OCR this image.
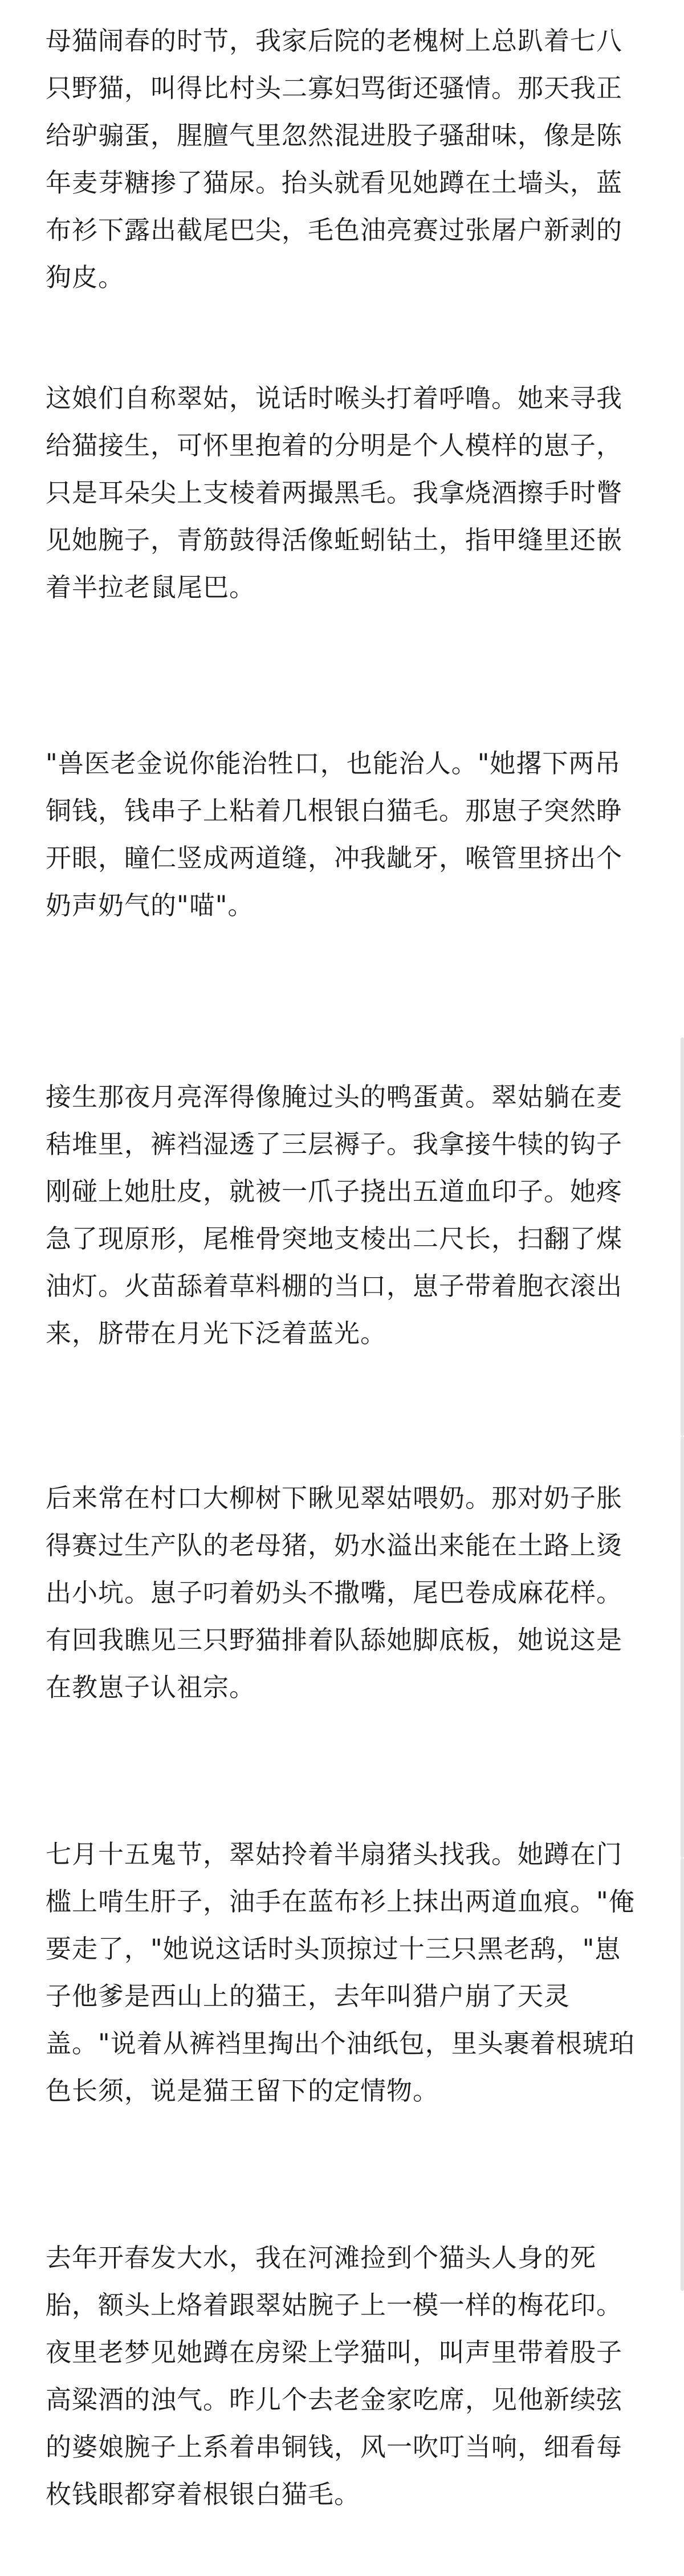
母猫闹春的时节，我家后院的老槐树上总趴着七八只野猫，叫得比村头二寡妇骂街还骚情。那天我正给驴骟蛋，腥膻气里忽然混进股子骚甜味，像是陈年麦芽糖掺了猫尿。抬头就看见她蹲在土墙头，蓝布衫下露出截尾巴尖，毛色油亮赛过张屠户新剥的狗皮。

这娘们自称翠姑，说话时喉头打着呼噜。她来寻我给猫接生，可怀里抱着的分明是个人模样的崽子，只是耳朵尖上支棱着两撮黑毛。我拿烧酒擦手时瞥见她腕子，青筋鼓得活像蚯蚓钻土，指甲缝里还嵌着半拉老鼠尾巴。

"兽医老金说你能治牲口，也能治人。"她撂下两吊铜钱，钱串子上粘着几根银白猫毛。那崽子突然睁开眼，瞳仁竖成两道缝，冲我龇牙，喉管里挤出个奶声奶气的"喵"。

接生那夜月亮浑得像腌过头的鸭蛋黄。翠姑躺在麦秸堆里，裤裆湿透了三层褥子。我拿接牛犊的钩子刚碰上她肚皮，就被一爪子挠出五道血印子。她疼急了现原形，尾椎骨突地支棱出二尺长，扫翻了煤油灯。火苗舔着草料棚的当口，崽子带着胞衣滚出来，脐带在月光下泛着蓝光。

后来常在村口大柳树下瞅见翠姑喂奶。那对奶子胀得赛过生产队的老母猪，奶水溢出来能在土路上烫出小坑。崽子叼着奶头不撒嘴，尾巴卷成麻花样。有回我瞧见三只野猫排着队舔她脚底板，她说这是在教崽子认祖宗。

七月十五鬼节，翠姑拎着半扇猪头找我。她蹲在门槛上啃生肝子，油手在蓝布衫上抹出两道血痕。"俺要走了，"她说这话时头顶掠过十三只黑老鸹，"崽子他爹是西山上的猫王，去年叫猎户崩了天灵盖。"说着从裤裆里掏出个油纸包，里头裹着根琥珀色长须，说是猫王留下的定情物。

去年开春发大水，我在河滩捡到个猫头人身的死胎，额头上烙着跟翠姑腕子上一模一样的梅花印。夜里老梦见她蹲在房梁上学猫叫，叫声里带着股子高粱酒的浊气。昨儿个去老金家吃席，见他新续弦的婆娘腕子上系着串铜钱，风一吹叮当响，细看每枚钱眼都穿着根银白猫毛。
